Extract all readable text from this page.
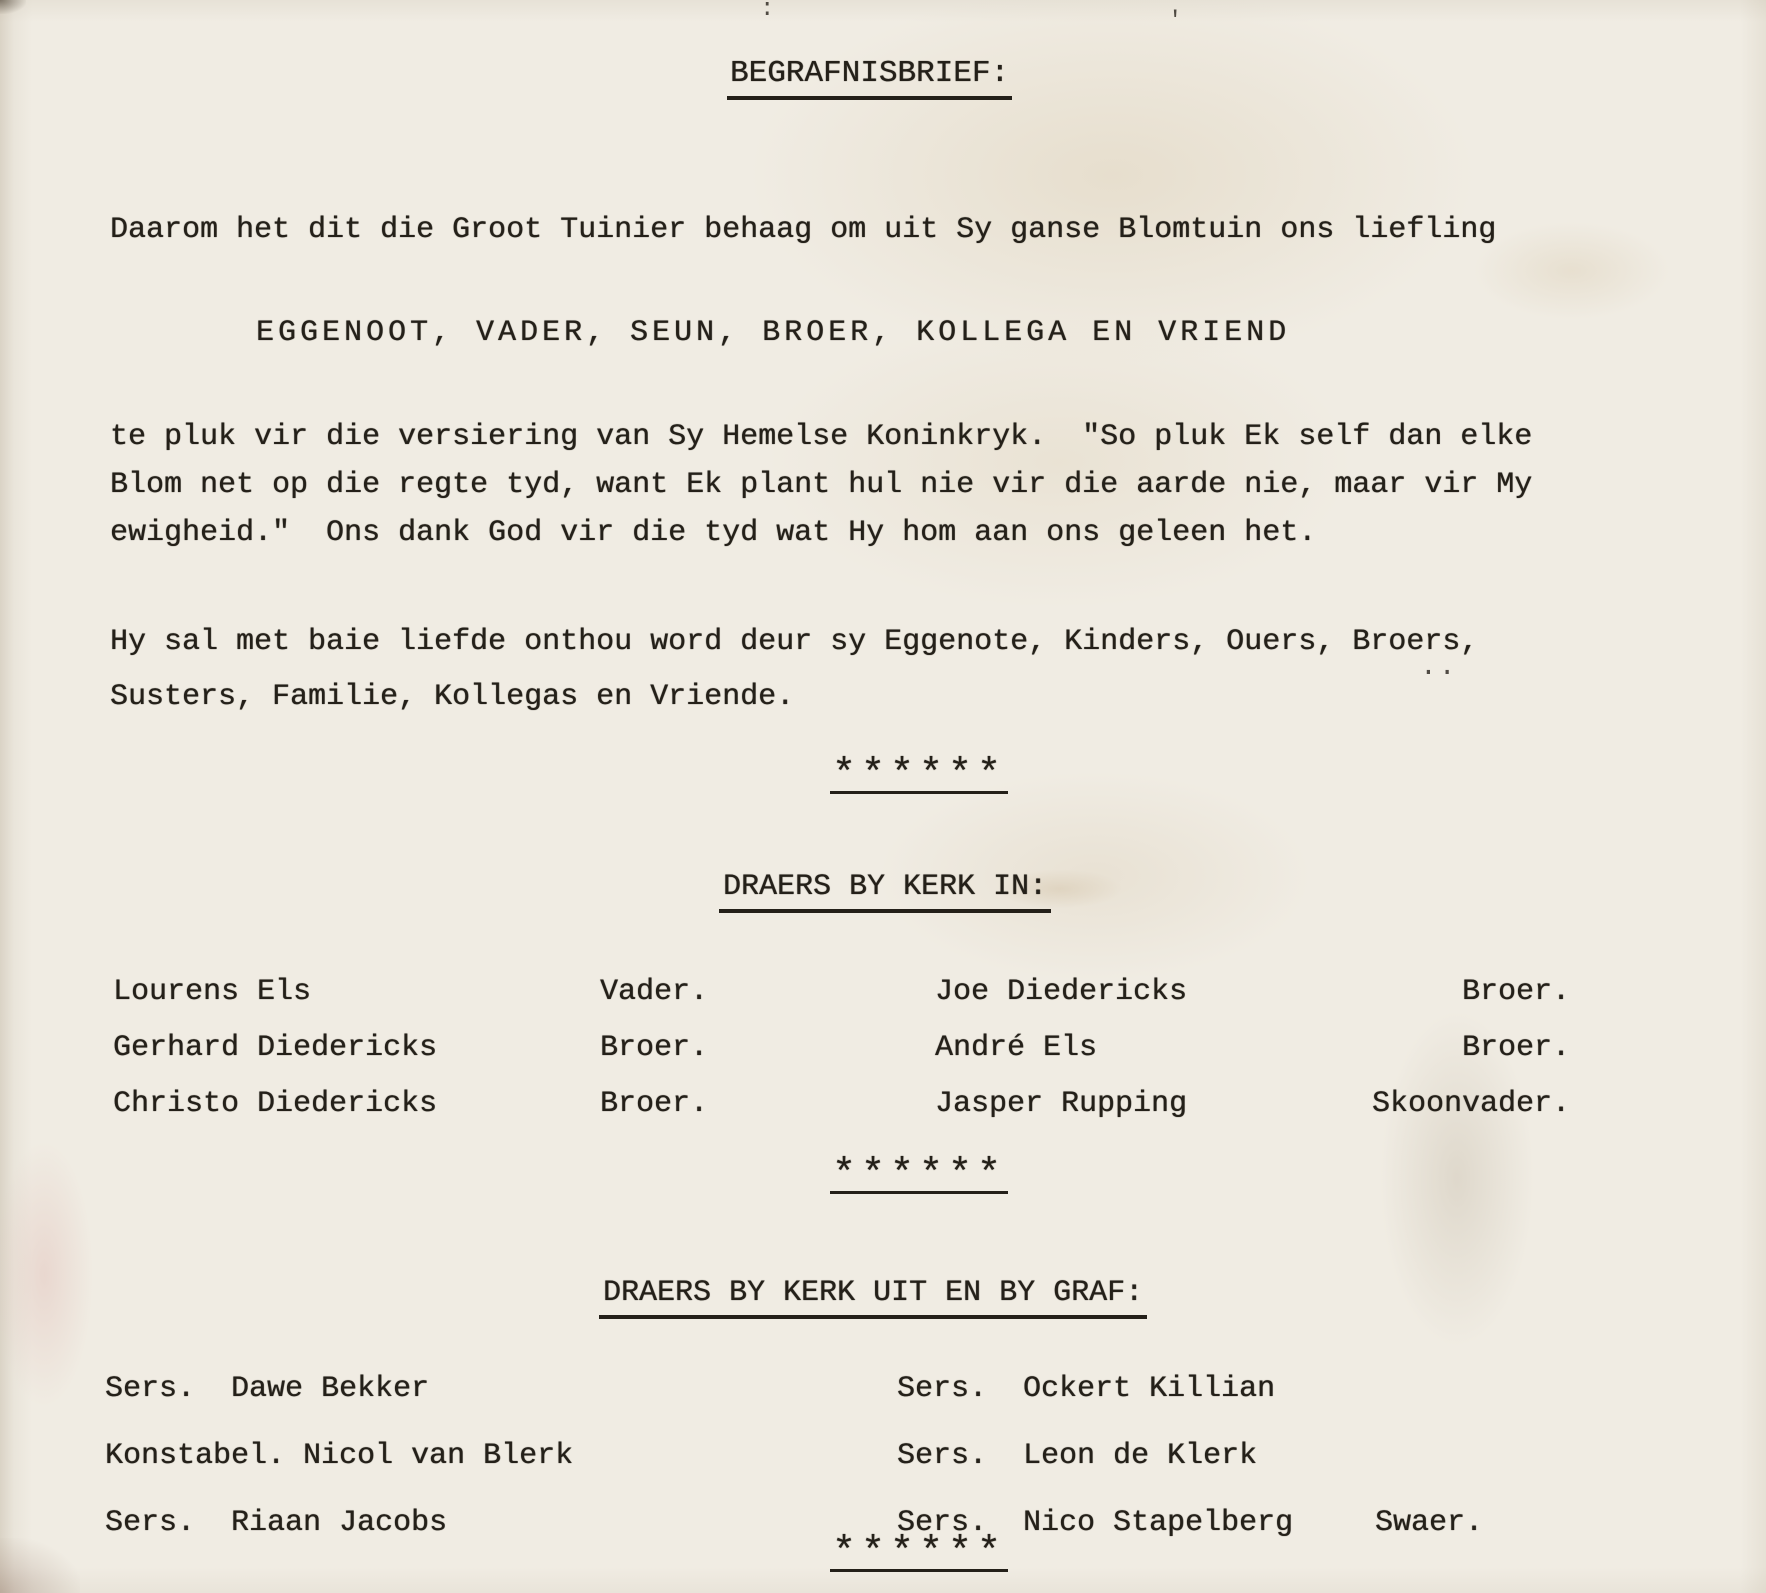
:	'
..
BEGRAFNISBRIEF:
Daarom het dit die Groot Tuinier behaag om uit Sy ganse Blomtuin ons liefling
EGGENOOT, VADER, SEUN, BROER, KOLLEGA EN VRIEND
te pluk vir die versiering van Sy Hemelse Koninkryk.  "So pluk Ek self dan elke
Blom net op die regte tyd, want Ek plant hul nie vir die aarde nie, maar vir My
ewigheid."  Ons dank God vir die tyd wat Hy hom aan ons geleen het.
Hy sal met baie liefde onthou word deur sy Eggenote, Kinders, Ouers, Broers,
Susters, Familie, Kollegas en Vriende.
******
DRAERS BY KERK IN:
Lourens Els	Vader.	Joe Diedericks	Broer.
Gerhard Diedericks	Broer.	André Els	Broer.
Christo Diedericks	Broer.	Jasper Rupping	Skoonvader.
******
DRAERS BY KERK UIT EN BY GRAF:
Sers.  Dawe Bekker	Sers.  Ockert Killian
Konstabel. Nicol van Blerk	Sers.  Leon de Klerk
Sers.  Riaan Jacobs	Sers.  Nico Stapelberg	Swaer.
******
